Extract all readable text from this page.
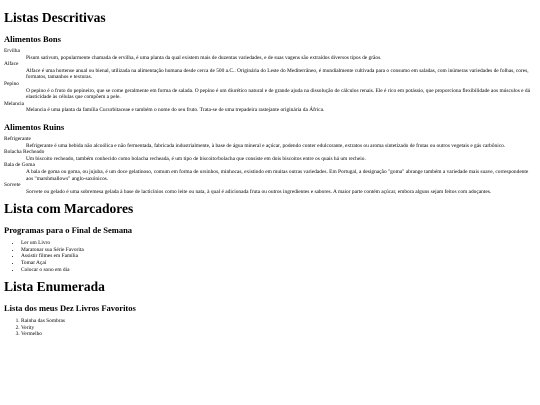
Listas Descritivas
Alimentos Bons
Ervilha
Pisum sativum, popularmente chamada de ervilha, é uma planta da qual existem mais de duzentas variedades, e de suas vagens são extraídos diversos tipos de grãos.
Alface
Alface é uma hortense anual ou bienal, utilizada na alimentação humana desde cerca de 500 a.C.. Originária do Leste do Mediterrâneo, é mundialmente cultivada para o consumo em saladas, com inúmeras variedades de folhas, cores, formatos, tamanhos e texturas.
Pepino
O pepino é o fruto do pepineiro, que se come geralmente em forma de salada. O pepino é um diurético natural e de grande ajuda na dissolução de cálculos renais. Ele é rico em potássio, que proporciona flexibilidade aos músculos e dá elasticidade às células que compõem a pele.
Melancia
Melancia é uma planta da família Cucurbitaceae e também o nome do seu fruto. Trata-se de uma trepadeira rastejante originária da África.
Alimentos Ruins
Refrigerante
Refrigerante é uma bebida não alcoólica e não fermentada, fabricada industrialmente, à base de água mineral e açúcar, podendo conter edulcorante, extratos ou aroma sintetizado de frutas ou outros vegetais e gás carbônico.
Bolacha Recheado
Um biscoito recheado, também conhecido como bolacha recheada, é um tipo de biscoito/bolacha que consiste em dois biscoitos entre os quais há um recheio.
Bala de Goma
A bala de goma ou goma, ou jujuba, é um doce gelatinoso, comum em forma de ursinhos, minhocas, existindo em muitas outras variedades. Em Portugal, a designação "goma" abrange também a variedade mais suave, correspondente aos "marshmallows" anglo-saxónicos.
Sorvete
Sorvete ou gelado é uma sobremesa gelada à base de lacticínios como leite ou nata, à qual é adicionada fruta ou outros ingredientes e sabores. A maior parte contém açúcar, embora alguns sejam feitos com adoçantes.
Lista com Marcadores
Programas para o Final de Semana
• Ler um Livro
• Maratonar sua Série Favorita
• Assistir filmes em Família
• Tomar Açaí
• Colocar o sono em dia
Lista Enumerada
Lista dos meus Dez Livros Favoritos
1. Rainha das Sombras
2. Verity
3. Vermelho
